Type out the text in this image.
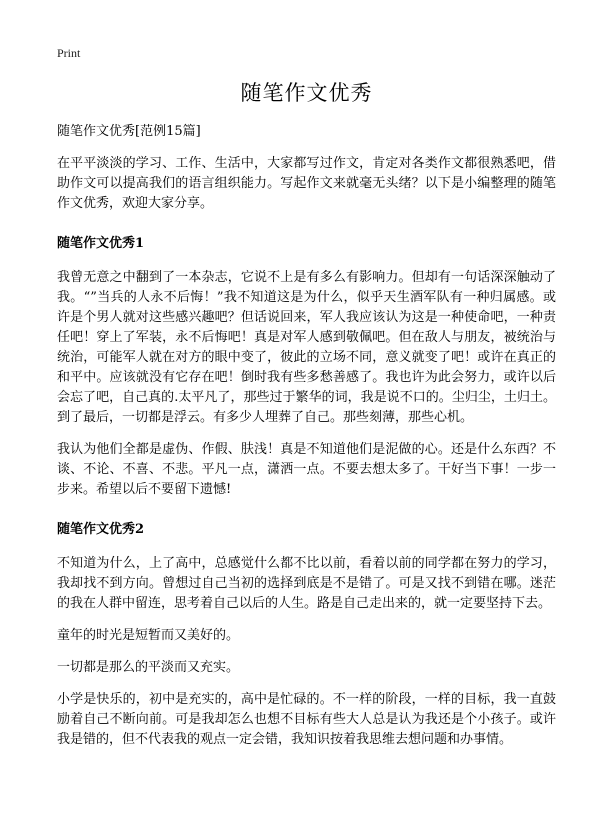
Print
随笔作文优秀

随笔作文优秀[范例15篇]

在平平淡淡的学习、工作、生活中，大家都写过作文，肯定对各类作文都很熟悉吧，借助作文可以提高我们的语言组织能力。写起作文来就毫无头绪？以下是小编整理的随笔作文优秀，欢迎大家分享。

随笔作文优秀1

我曾无意之中翻到了一本杂志，它说不上是有多么有影响力。但却有一句话深深触动了我。“”当兵的人永不后悔！”我不知道这是为什么，似乎天生酒军队有一种归属感。或许是个男人就对这些感兴趣吧？但话说回来，军人我应该认为这是一种使命吧，一种责任吧！穿上了军装，永不后悔吧！真是对军人感到敬佩吧。但在敌人与朋友，被统治与统治，可能军人就在对方的眼中变了，彼此的立场不同，意义就变了吧！或许在真正的和平中。应该就没有它存在吧！倒时我有些多愁善感了。我也许为此会努力，或许以后会忘了吧，自己真的.太平凡了，那些过于繁华的词，我是说不口的。尘归尘，土归土。到了最后，一切都是浮云。有多少人埋葬了自己。那些刻薄，那些心机。

我认为他们全都是虚伪、作假、肤浅！真是不知道他们是泥做的心。还是什么东西？不谈、不论、不喜、不悲。平凡一点，潇洒一点。不要去想太多了。干好当下事！一步一步来。希望以后不要留下遗憾!

随笔作文优秀2

不知道为什么，上了高中，总感觉什么都不比以前，看着以前的同学都在努力的学习，我却找不到方向。曾想过自己当初的选择到底是不是错了。可是又找不到错在哪。迷茫的我在人群中留连，思考着自己以后的人生。路是自己走出来的，就一定要坚持下去。

童年的时光是短暂而又美好的。

一切都是那么的平淡而又充实。

小学是快乐的，初中是充实的，高中是忙碌的。不一样的阶段，一样的目标，我一直鼓励着自己不断向前。可是我却怎么也想不目标有些大人总是认为我还是个小孩子。或许我是错的，但不代表我的观点一定会错，我知识按着我思维去想问题和办事情。
